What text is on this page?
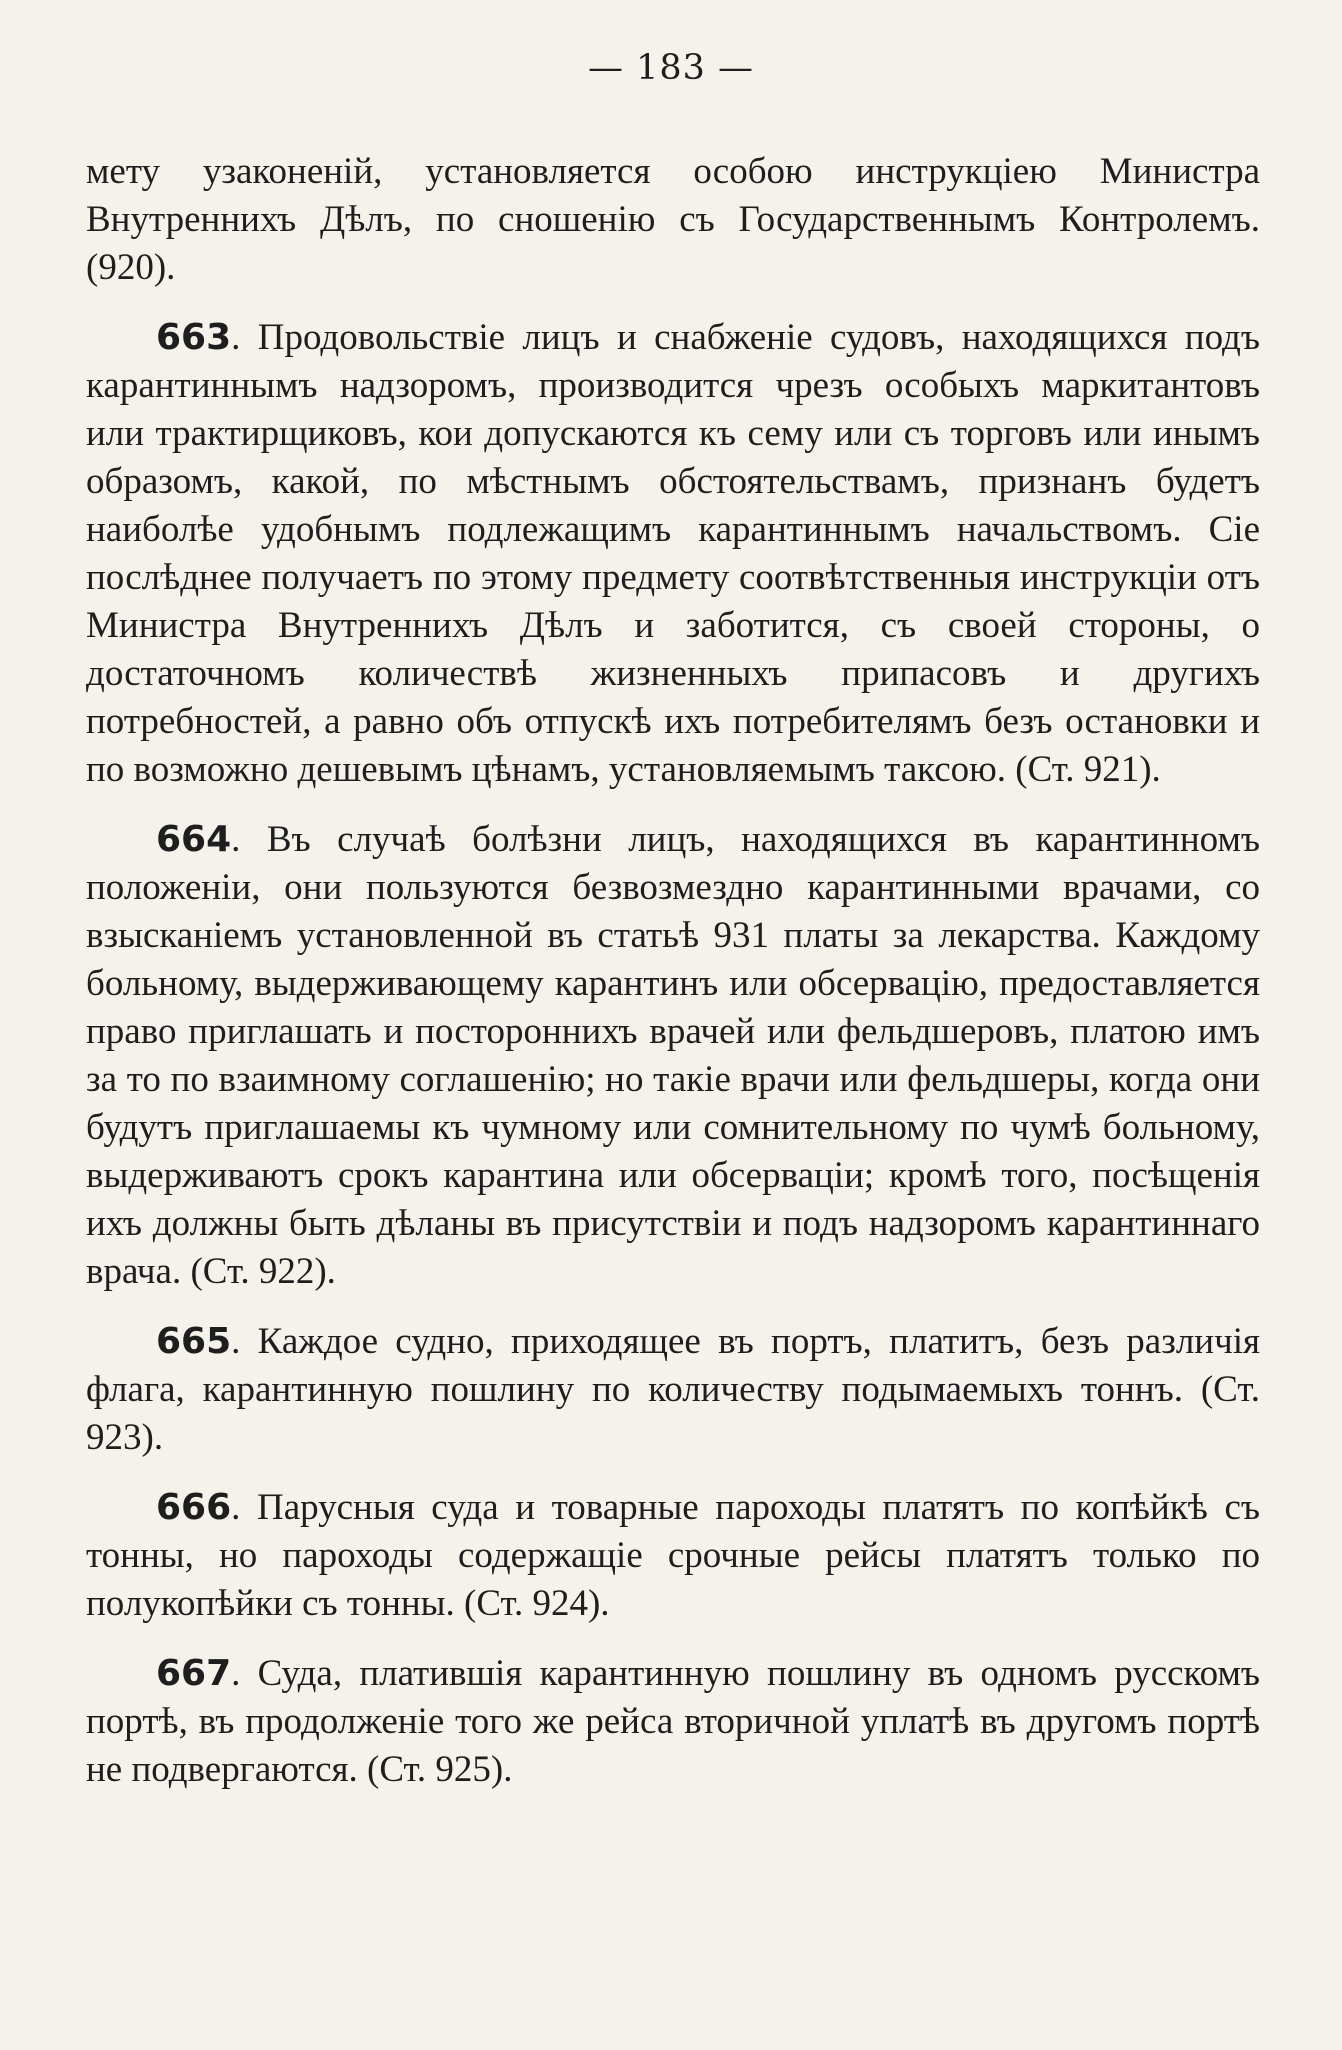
— 183 —

мету узаконеній, установляется особою инструкціею Министра Внутреннихъ Дѣлъ, по сношенію съ Государственнымъ Контролемъ. (920).

663. Продовольствіе лицъ и снабженіе судовъ, находящихся подъ карантиннымъ надзоромъ, производится чрезъ особыхъ маркитантовъ или трактирщиковъ, кои допускаются къ сему или съ торговъ или инымъ образомъ, какой, по мѣстнымъ обстоятельствамъ, признанъ будетъ наиболѣе удобнымъ подлежащимъ карантиннымъ начальствомъ. Сіе послѣднее получаетъ по этому предмету соотвѣтственныя инструкціи отъ Министра Внутреннихъ Дѣлъ и заботится, съ своей стороны, о достаточномъ количествѣ жизненныхъ припасовъ и другихъ потребностей, а равно объ отпускѣ ихъ потребителямъ безъ остановки и по возможно дешевымъ цѣнамъ, установляемымъ таксою. (Ст. 921).

664. Въ случаѣ болѣзни лицъ, находящихся въ карантинномъ положеніи, они пользуются безвозмездно карантинными врачами, со взысканіемъ установленной въ статьѣ 931 платы за лекарства. Каждому больному, выдерживающему карантинъ или обсервацію, предоставляется право приглашать и постороннихъ врачей или фельдшеровъ, платою имъ за то по взаимному соглашенію; но такіе врачи или фельдшеры, когда они будутъ приглашаемы къ чумному или сомнительному по чумѣ больному, выдерживаютъ срокъ карантина или обсерваціи; кромѣ того, посѣщенія ихъ должны быть дѣланы въ присутствіи и подъ надзоромъ карантиннаго врача. (Ст. 922).

665. Каждое судно, приходящее въ портъ, платитъ, безъ различія флага, карантинную пошлину по количеству подымаемыхъ тоннъ. (Ст. 923).

666. Парусныя суда и товарные пароходы платятъ по копѣйкѣ съ тонны, но пароходы содержащіе срочные рейсы платятъ только по полукопѣйки съ тонны. (Ст. 924).

667. Суда, платившія карантинную пошлину въ одномъ русскомъ портѣ, въ продолженіе того же рейса вторичной уплатѣ въ другомъ портѣ не подвергаются. (Ст. 925).
